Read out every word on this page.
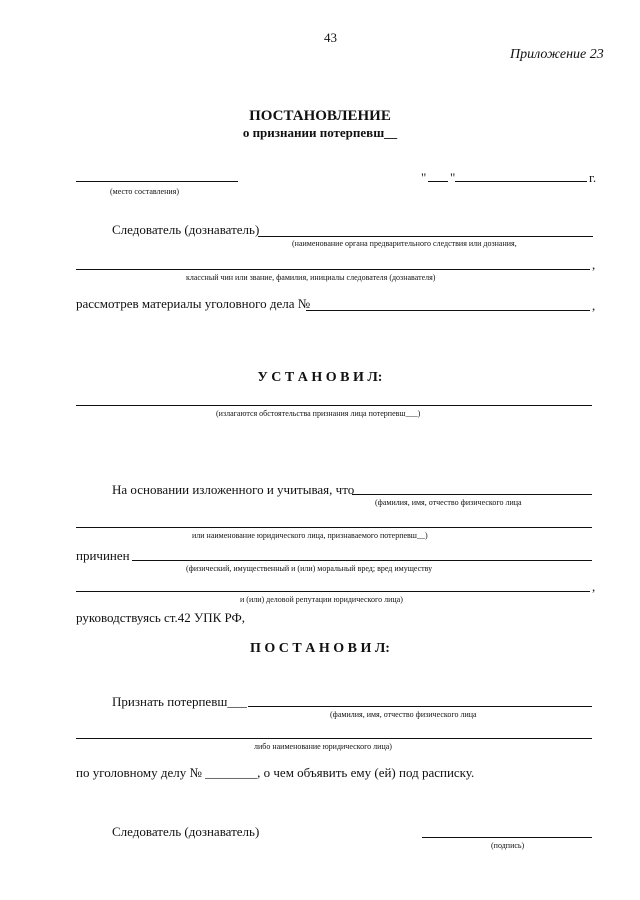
43
Приложение 23
ПОСТАНОВЛЕНИЕ
о признании потерпевш__
(место составления)
" "	г.
Следователь (дознаватель)
(наименование органа предварительного следствия или дознания,
,
классный чин или звание, фамилия, инициалы следователя (дознавателя)
рассмотрев материалы уголовного дела №	,
У С Т А Н О В И Л:
(излагаются обстоятельства признания лица потерпевш___)
На основании изложенного и учитывая, что
(фамилия, имя, отчество физического лица
или наименование юридического лица, признаваемого потерпевш__)
причинен
(физический, имущественный и (или) моральный вред; вред имуществу
,
и (или) деловой репутации юридического лица)
руководствуясь ст.42 УПК РФ,
П О С Т А Н О В И Л:
Признать потерпевш___
(фамилия, имя, отчество физического лица
либо наименование юридического лица)
по уголовному делу № ________, о чем объявить ему (ей) под расписку.
Следователь (дознаватель)
(подпись)
